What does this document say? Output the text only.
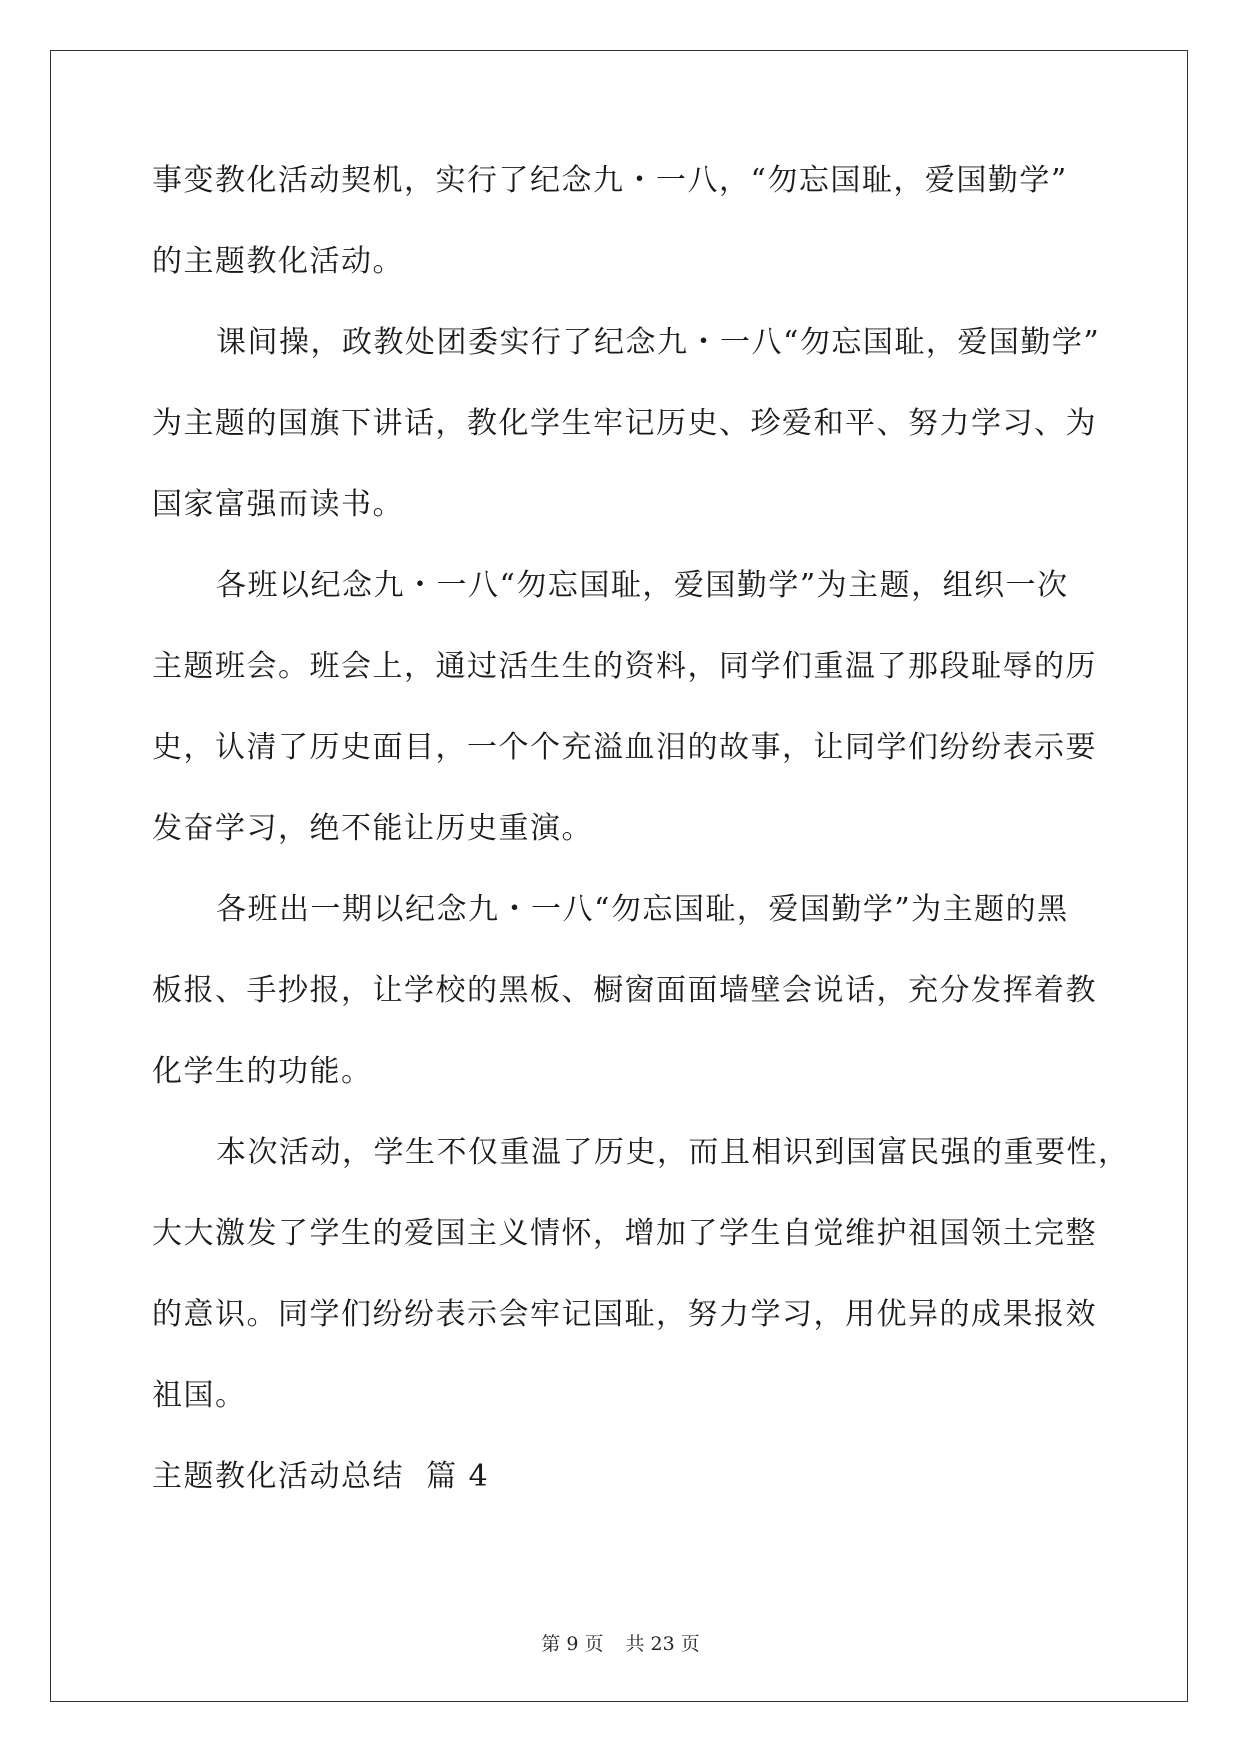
事变教化活动契机，实行了纪念九・一八，“勿忘国耻，爱国勤学”
的主题教化活动。
课间操，政教处团委实行了纪念九・一八“勿忘国耻，爱国勤学”
为主题的国旗下讲话，教化学生牢记历史、珍爱和平、努力学习、为
国家富强而读书。
各班以纪念九・一八“勿忘国耻，爱国勤学”为主题，组织一次
主题班会。班会上，通过活生生的资料，同学们重温了那段耻辱的历
史，认清了历史面目，一个个充溢血泪的故事，让同学们纷纷表示要
发奋学习，绝不能让历史重演。
各班出一期以纪念九・一八“勿忘国耻，爱国勤学”为主题的黑
板报、手抄报，让学校的黑板、橱窗面面墙壁会说话，充分发挥着教
化学生的功能。
本次活动，学生不仅重温了历史，而且相识到国富民强的重要性，
大大激发了学生的爱国主义情怀，增加了学生自觉维护祖国领土完整
的意识。同学们纷纷表示会牢记国耻，努力学习，用优异的成果报效
祖国。
主题教化活动总结  篇 4
第 9 页 共 23 页
